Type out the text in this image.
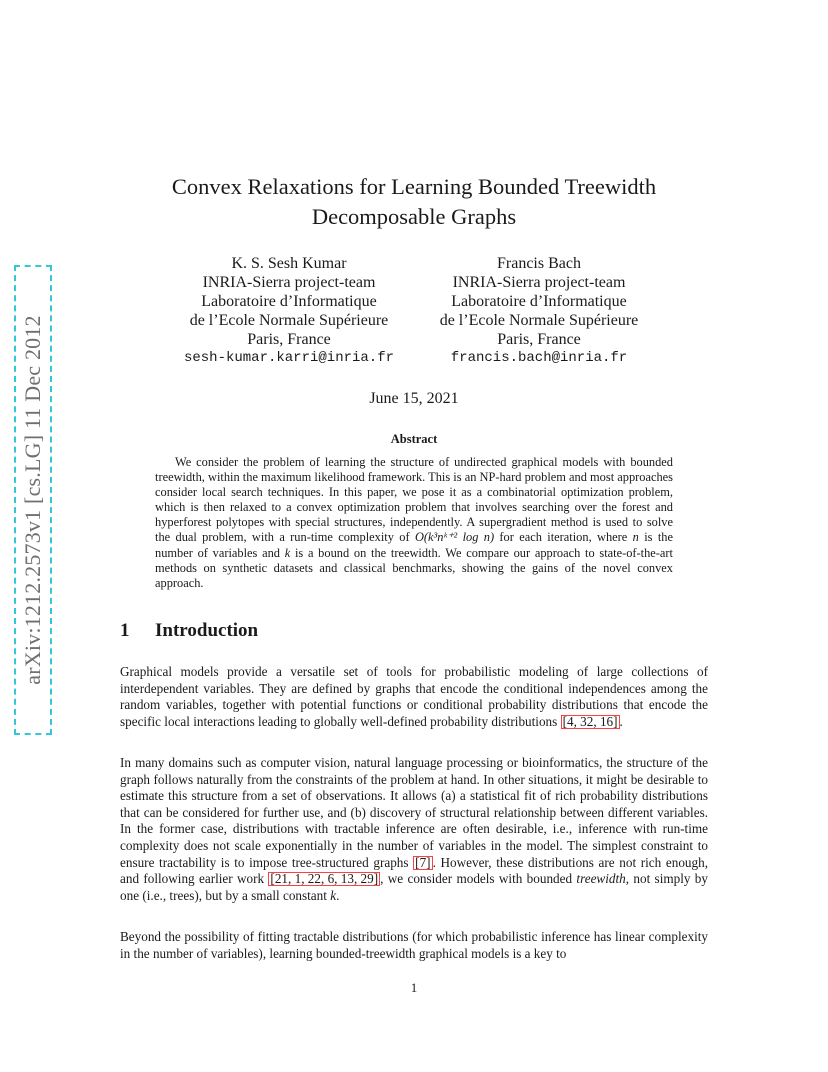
arXiv:1212.2573v1 [cs.LG] 11 Dec 2012
Convex Relaxations for Learning Bounded Treewidth
Decomposable Graphs
K. S. Sesh Kumar
INRIA-Sierra project-team
Laboratoire d’Informatique
de l’Ecole Normale Supérieure
Paris, France
sesh-kumar.karri@inria.fr
Francis Bach
INRIA-Sierra project-team
Laboratoire d’Informatique
de l’Ecole Normale Supérieure
Paris, France
francis.bach@inria.fr
June 15, 2021
Abstract

We consider the problem of learning the structure of undirected graphical models with bounded treewidth, within the maximum likelihood framework. This is an NP-hard problem and most approaches consider local search techniques. In this paper, we pose it as a combinatorial optimization problem, which is then relaxed to a convex optimization problem that involves searching over the forest and hyperforest polytopes with special structures, independently. A supergradient method is used to solve the dual problem, with a run-time complexity of O(k³nᵏ⁺² log n) for each iteration, where n is the number of variables and k is a bound on the treewidth. We compare our approach to state-of-the-art methods on synthetic datasets and classical benchmarks, showing the gains of the novel convex approach.

1 Introduction

Graphical models provide a versatile set of tools for probabilistic modeling of large collections of interdependent variables. They are defined by graphs that encode the conditional independences among the random variables, together with potential functions or conditional probability distributions that encode the specific local interactions leading to globally well-defined probability distributions [4, 32, 16] .

In many domains such as computer vision, natural language processing or bioinformatics, the structure of the graph follows naturally from the constraints of the problem at hand. In other situations, it might be desirable to estimate this structure from a set of observations. It allows (a) a statistical fit of rich probability distributions that can be considered for further use, and (b) discovery of structural relationship between different variables. In the former case, distributions with tractable inference are often desirable, i.e., inference with run-time complexity does not scale exponentially in the number of variables in the model. The simplest constraint to ensure tractability is to impose tree-structured graphs [7] . However, these distributions are not rich enough, and following earlier work [21, 1, 22, 6, 13, 29] , we consider models with bounded treewidth, not simply by one (i.e., trees), but by a small constant k.

Beyond the possibility of fitting tractable distributions (for which probabilistic inference has linear complexity in the number of variables), learning bounded-treewidth graphical models is a key to

1
